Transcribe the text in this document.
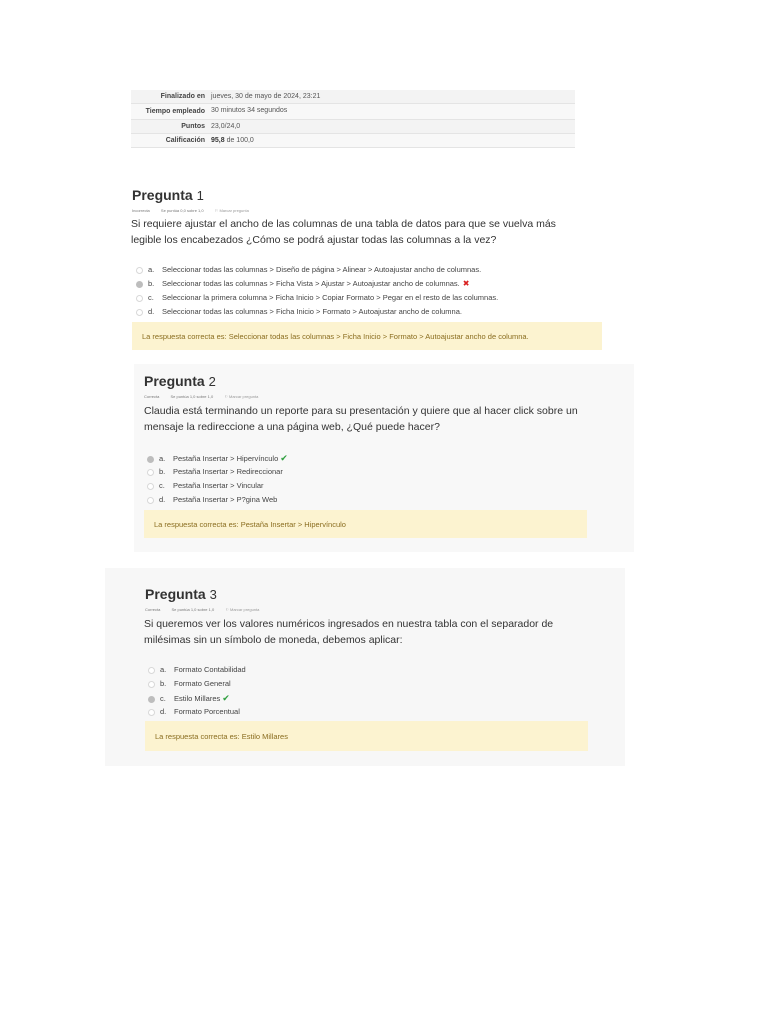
Finalizado en	jueves, 30 de mayo de 2024, 23:21
Tiempo empleado	30 minutos 34 segundos
Puntos	23,0/24,0
Calificación	95,8 de 100,0
Pregunta 1
Incorrecta	Se puntúa 0,0 sobre 1,0	⚐ Marcar pregunta
Si requiere ajustar el ancho de las columnas de una tabla de datos para que se vuelva más legible los encabezados ¿Cómo se podrá ajustar todas las columnas a la vez?
a. Seleccionar todas las columnas > Diseño de página > Alinear > Autoajustar ancho de columnas.
b. Seleccionar todas las columnas > Ficha Vista > Ajustar > Autoajustar ancho de columnas. ✖
c. Seleccionar la primera columna > Ficha Inicio > Copiar Formato > Pegar en el resto de las columnas.
d. Seleccionar todas las columnas > Ficha Inicio > Formato > Autoajustar ancho de columna.
La respuesta correcta es: Seleccionar todas las columnas > Ficha Inicio > Formato > Autoajustar ancho de columna.
Pregunta 2
Correcta	Se puntúa 1,0 sobre 1,0	⚐ Marcar pregunta
Claudia está terminando un reporte para su presentación y quiere que al hacer click sobre un mensaje la redireccione a una página web, ¿Qué puede hacer?
a. Pestaña Insertar > Hipervínculo ✔
b. Pestaña Insertar > Redireccionar
c. Pestaña Insertar > Vincular
d. Pestaña Insertar > P?gina Web
La respuesta correcta es: Pestaña Insertar > Hipervínculo
Pregunta 3
Correcta	Se puntúa 1,0 sobre 1,0	⚐ Marcar pregunta
Si queremos ver los valores numéricos ingresados en nuestra tabla con el separador de milésimas sin un símbolo de moneda, debemos aplicar:
a. Formato Contabilidad
b. Formato General
c. Estilo Millares ✔
d. Formato Porcentual
La respuesta correcta es: Estilo Millares
